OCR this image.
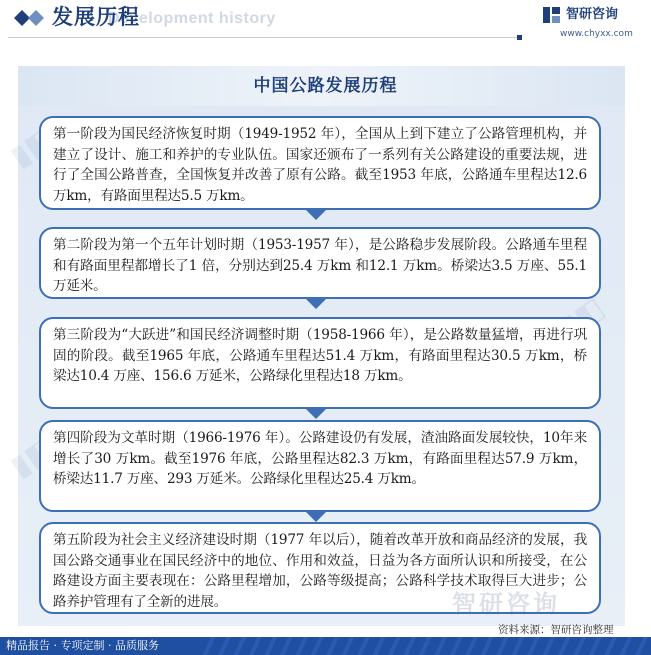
Development history
发展历程	智研咨询
www.chyxx.com
中国公路发展历程
第一阶段为国民经济恢复时期（1949-1952 年），全国从上到下建立了公路管理机构，并建立了设计、施工和养护的专业队伍。国家还颁布了一系列有关公路建设的重要法规，进行了全国公路普查，全国恢复并改善了原有公路。截至1953 年底，公路通车里程达12.6 万km，有路面里程达5.5 万km。
第二阶段为第一个五年计划时期（1953-1957 年），是公路稳步发展阶段。公路通车里程和有路面里程都增长了1 倍，分别达到25.4 万km 和12.1 万km。桥梁达3.5 万座、55.1万延米。
第三阶段为“大跃进”和国民经济调整时期（1958-1966 年），是公路数量猛增，再进行巩固的阶段。截至1965 年底，公路通车里程达51.4 万km，有路面里程达30.5 万km，桥梁达10.4 万座、156.6 万延米，公路绿化里程达18 万km。
第四阶段为文革时期（1966-1976 年）。公路建设仍有发展，渣油路面发展较快，10年来增长了30 万km。截至1976 年底，公路里程达82.3 万km，有路面里程达57.9 万km，桥梁达11.7 万座、293 万延米。公路绿化里程达25.4 万km。
第五阶段为社会主义经济建设时期（1977 年以后），随着改革开放和商品经济的发展，我国公路交通事业在国民经济中的地位、作用和效益，日益为各方面所认识和所接受，在公路建设方面主要表现在：公路里程增加，公路等级提高；公路科学技术取得巨大进步；公路养护管理有了全新的进展。	智研咨询
资料来源：智研咨询整理
精品报告 · 专项定制 · 品质服务
